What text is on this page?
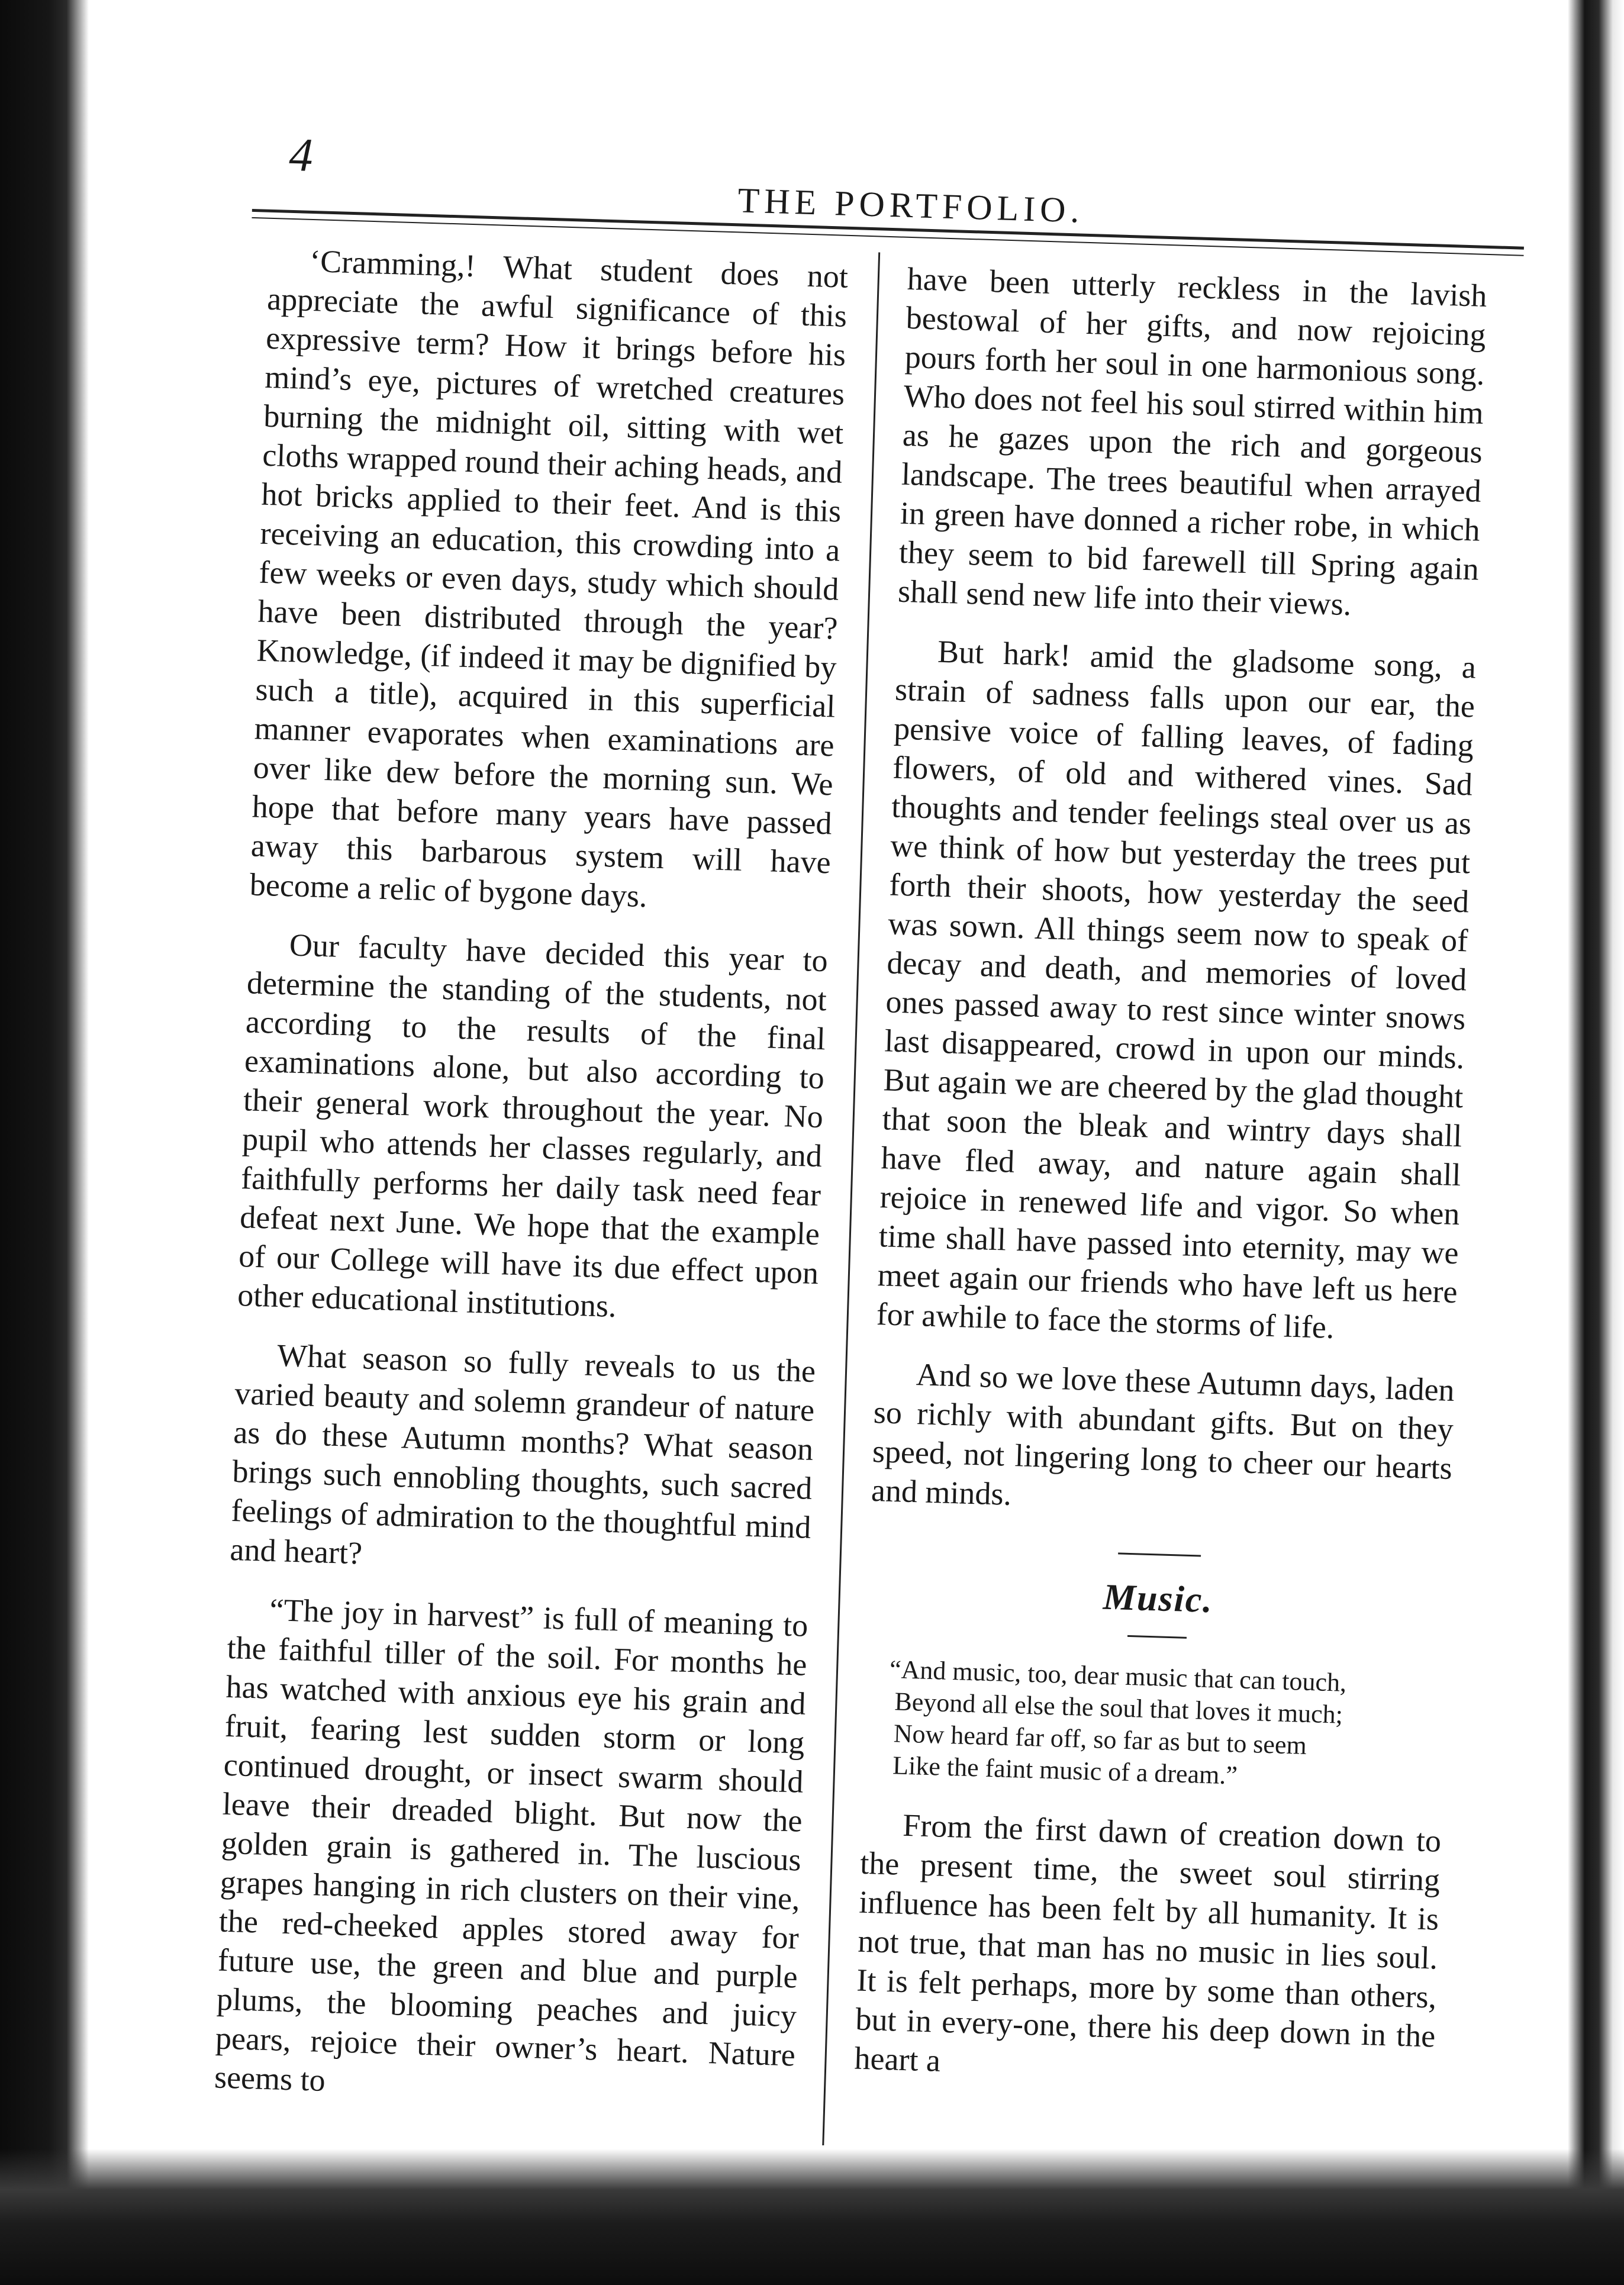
4
THE PORTFOLIO.

‘Cramming,! What student does not appreciate the awful significance of this expressive term? How it brings before his mind’s eye, pictures of wretched creatures burning the midnight oil, sitting with wet cloths wrapped round their aching heads, and hot bricks applied to their feet. And is this receiving an education, this crowding into a few weeks or even days, study which should have been distributed through the year? Knowledge, (if indeed it may be dignified by such a title), acquired in this superficial manner evaporates when examinations are over like dew before the morning sun. We hope that before many years have passed away this barbarous system will have become a relic of bygone days.

Our faculty have decided this year to determine the standing of the students, not according to the results of the final examinations alone, but also according to their general work throughout the year. No pupil who attends her classes regularly, and faithfully performs her daily task need fear defeat next June. We hope that the example of our College will have its due effect upon other educational institutions.

What season so fully reveals to us the varied beauty and solemn grandeur of nature as do these Autumn months? What season brings such ennobling thoughts, such sacred feelings of admiration to the thoughtful mind and heart?

“The joy in harvest” is full of meaning to the faithful tiller of the soil. For months he has watched with anxious eye his grain and fruit, fearing lest sudden storm or long continued drought, or insect swarm should leave their dreaded blight. But now the golden grain is gathered in. The luscious grapes hanging in rich clusters on their vine, the red-cheeked apples stored away for future use, the green and blue and purple plums, the blooming peaches and juicy pears, rejoice their owner’s heart. Nature seems to

have been utterly reckless in the lavish bestowal of her gifts, and now rejoicing pours forth her soul in one harmonious song. Who does not feel his soul stirred within him as he gazes upon the rich and gorgeous landscape. The trees beautiful when arrayed in green have donned a richer robe, in which they seem to bid farewell till Spring again shall send new life into their views.

But hark! amid the gladsome song, a strain of sadness falls upon our ear, the pensive voice of falling leaves, of fading flowers, of old and withered vines. Sad thoughts and tender feelings steal over us as we think of how but yesterday the trees put forth their shoots, how yesterday the seed was sown. All things seem now to speak of decay and death, and memories of loved ones passed away to rest since winter snows last disappeared, crowd in upon our minds. But again we are cheered by the glad thought that soon the bleak and wintry days shall have fled away, and nature again shall rejoice in renewed life and vigor. So when time shall have passed into eternity, may we meet again our friends who have left us here for awhile to face the storms of life.

And so we love these Autumn days, laden so richly with abundant gifts. But on they speed, not lingering long to cheer our hearts and minds.

Music.
“And music, too, dear music that can touch,
Beyond all else the soul that loves it much;
Now heard far off, so far as but to seem
Like the faint music of a dream.”

From the first dawn of creation down to the present time, the sweet soul stirring influence has been felt by all humanity. It is not true, that man has no music in lies soul. It is felt perhaps, more by some than others, but in every-one, there his deep down in the heart a
